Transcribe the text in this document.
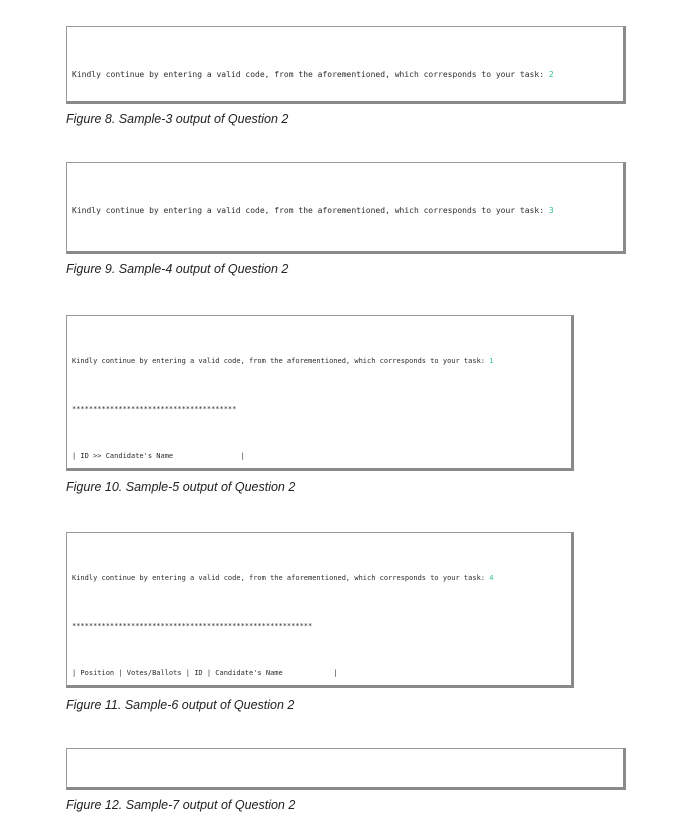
Kindly continue by entering a valid code, from the aforementioned, which corresponds to your task: 2

Figure 8. Sample-3 output of Question 2

Kindly continue by entering a valid code, from the aforementioned, which corresponds to your task: 3

Figure 9. Sample-4 output of Question 2

Kindly continue by entering a valid code, from the aforementioned, which corresponds to your task: 1

***************************************

| ID >> Candidate's Name                |

Figure 10. Sample-5 output of Question 2

Kindly continue by entering a valid code, from the aforementioned, which corresponds to your task: 4

*********************************************************

| Position | Votes/Ballots | ID | Candidate's Name            |

Figure 11. Sample-6 output of Question 2

Figure 12. Sample-7 output of Question 2
